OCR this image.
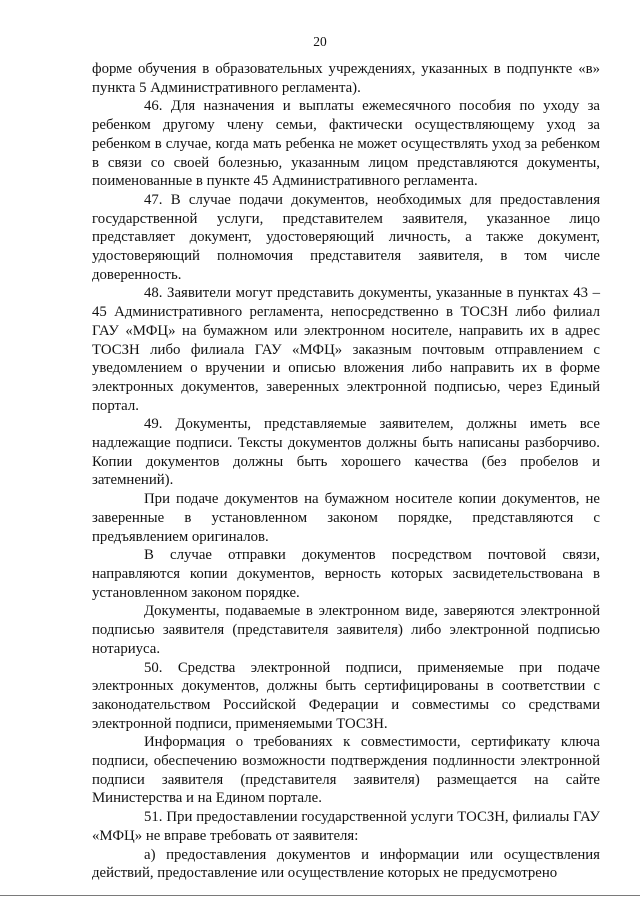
20

форме обучения в образовательных учреждениях, указанных в подпункте «в» пункта 5 Административного регламента).

46. Для назначения и выплаты ежемесячного пособия по уходу за ребенком другому члену семьи, фактически осуществляющему уход за ребенком в случае, когда мать ребенка не может осуществлять уход за ребенком в связи со своей болезнью, указанным лицом представляются документы, поименованные в пункте 45 Административного регламента.

47. В случае подачи документов, необходимых для предоставления государственной услуги, представителем заявителя, указанное лицо представляет документ, удостоверяющий личность, а также документ, удостоверяющий полномочия представителя заявителя, в том числе доверенность.

48. Заявители могут представить документы, указанные в пунктах 43 – 45 Административного регламента, непосредственно в ТОСЗН либо филиал ГАУ «МФЦ» на бумажном или электронном носителе, направить их в адрес ТОСЗН либо филиала ГАУ «МФЦ» заказным почтовым отправлением с уведомлением о вручении и описью вложения либо направить их в форме электронных документов, заверенных электронной подписью, через Единый портал.

49. Документы, представляемые заявителем, должны иметь все надлежащие подписи. Тексты документов должны быть написаны разборчиво. Копии документов должны быть хорошего качества (без пробелов и затемнений).

При подаче документов на бумажном носителе копии документов, не заверенные в установленном законом порядке, представляются с предъявлением оригиналов.

В случае отправки документов посредством почтовой связи, направляются копии документов, верность которых засвидетельствована в установленном законом порядке.

Документы, подаваемые в электронном виде, заверяются электронной подписью заявителя (представителя заявителя) либо электронной подписью нотариуса.

50. Средства электронной подписи, применяемые при подаче электронных документов, должны быть сертифицированы в соответствии с законодательством Российской Федерации и совместимы со средствами электронной подписи, применяемыми ТОСЗН.

Информация о требованиях к совместимости, сертификату ключа подписи, обеспечению возможности подтверждения подлинности электронной подписи заявителя (представителя заявителя) размещается на сайте Министерства и на Едином портале.

51. При предоставлении государственной услуги ТОСЗН, филиалы ГАУ «МФЦ» не вправе требовать от заявителя:

а) предоставления документов и информации или осуществления действий, предоставление или осуществление которых не предусмотрено
